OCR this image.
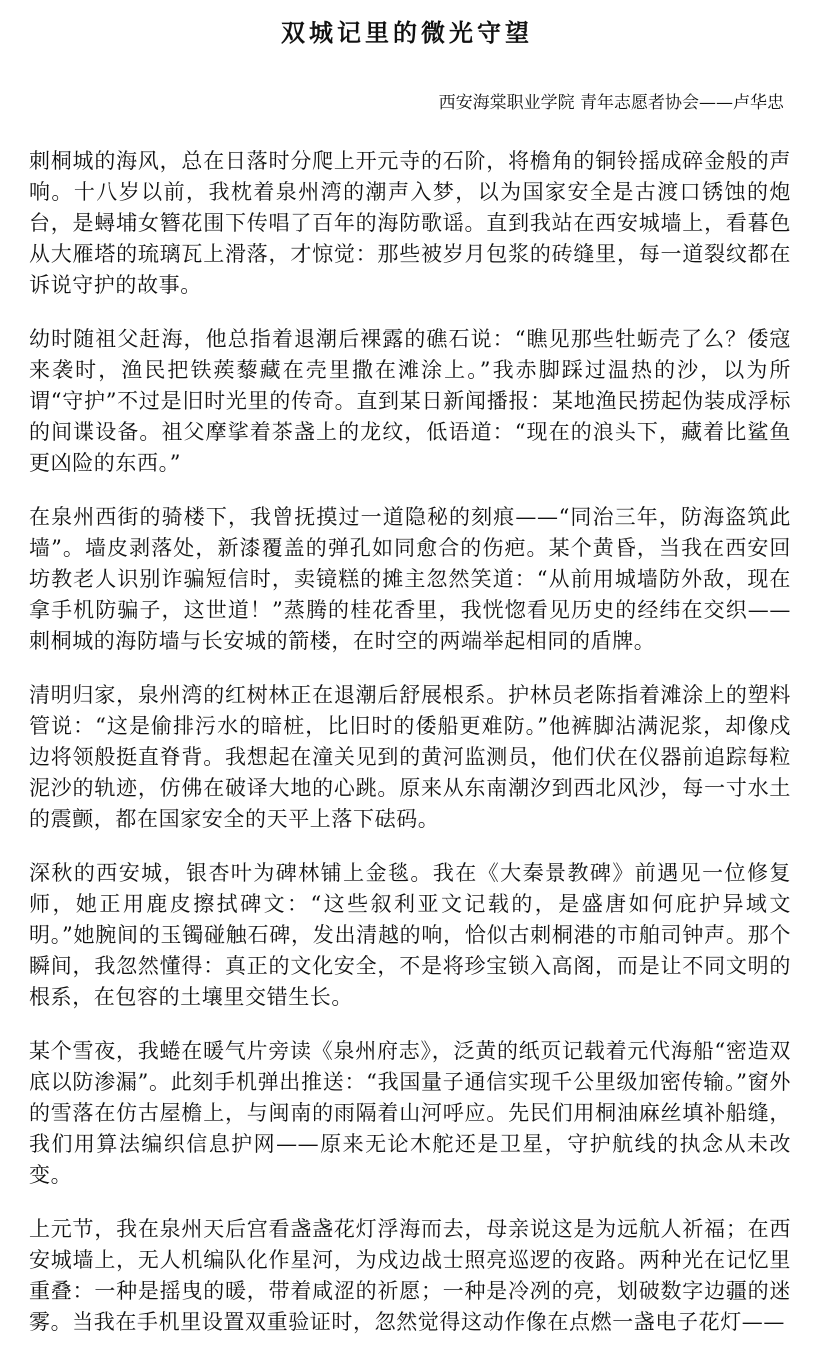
双城记里的微光守望

西安海棠职业学院 青年志愿者协会——卢华忠

刺桐城的海风，总在日落时分爬上开元寺的石阶，将檐角的铜铃摇成碎金般的声响。十八岁以前，我枕着泉州湾的潮声入梦，以为国家安全是古渡口锈蚀的炮台，是蟳埔女簪花围下传唱了百年的海防歌谣。直到我站在西安城墙上，看暮色从大雁塔的琉璃瓦上滑落，才惊觉：那些被岁月包浆的砖缝里，每一道裂纹都在诉说守护的故事。

幼时随祖父赶海，他总指着退潮后裸露的礁石说：“瞧见那些牡蛎壳了么？倭寇来袭时，渔民把铁蒺藜藏在壳里撒在滩涂上。”我赤脚踩过温热的沙，以为所谓“守护”不过是旧时光里的传奇。直到某日新闻播报：某地渔民捞起伪装成浮标的间谍设备。祖父摩挲着茶盏上的龙纹，低语道：“现在的浪头下，藏着比鲨鱼更凶险的东西。”

在泉州西街的骑楼下，我曾抚摸过一道隐秘的刻痕——“同治三年，防海盗筑此墙”。墙皮剥落处，新漆覆盖的弹孔如同愈合的伤疤。某个黄昏，当我在西安回坊教老人识别诈骗短信时，卖镜糕的摊主忽然笑道：“从前用城墙防外敌，现在拿手机防骗子，这世道！”蒸腾的桂花香里，我恍惚看见历史的经纬在交织——刺桐城的海防墙与长安城的箭楼，在时空的两端举起相同的盾牌。

清明归家，泉州湾的红树林正在退潮后舒展根系。护林员老陈指着滩涂上的塑料管说：“这是偷排污水的暗桩，比旧时的倭船更难防。”他裤脚沾满泥浆，却像戍边将领般挺直脊背。我想起在潼关见到的黄河监测员，他们伏在仪器前追踪每粒泥沙的轨迹，仿佛在破译大地的心跳。原来从东南潮汐到西北风沙，每一寸水土的震颤，都在国家安全的天平上落下砝码。

深秋的西安城，银杏叶为碑林铺上金毯。我在《大秦景教碑》前遇见一位修复师，她正用鹿皮擦拭碑文：“这些叙利亚文记载的，是盛唐如何庇护异域文明。”她腕间的玉镯碰触石碑，发出清越的响，恰似古刺桐港的市舶司钟声。那个瞬间，我忽然懂得：真正的文化安全，不是将珍宝锁入高阁，而是让不同文明的根系，在包容的土壤里交错生长。

某个雪夜，我蜷在暖气片旁读《泉州府志》，泛黄的纸页记载着元代海船“密造双底以防渗漏”。此刻手机弹出推送：“我国量子通信实现千公里级加密传输。”窗外的雪落在仿古屋檐上，与闽南的雨隔着山河呼应。先民们用桐油麻丝填补船缝，我们用算法编织信息护网——原来无论木舵还是卫星，守护航线的执念从未改变。

上元节，我在泉州天后宫看盏盏花灯浮海而去，母亲说这是为远航人祈福；在西安城墙上，无人机编队化作星河，为戍边战士照亮巡逻的夜路。两种光在记忆里重叠：一种是摇曳的暖，带着咸涩的祈愿；一种是冷冽的亮，划破数字边疆的迷雾。当我在手机里设置双重验证时，忽然觉得这动作像在点燃一盏电子花灯——
